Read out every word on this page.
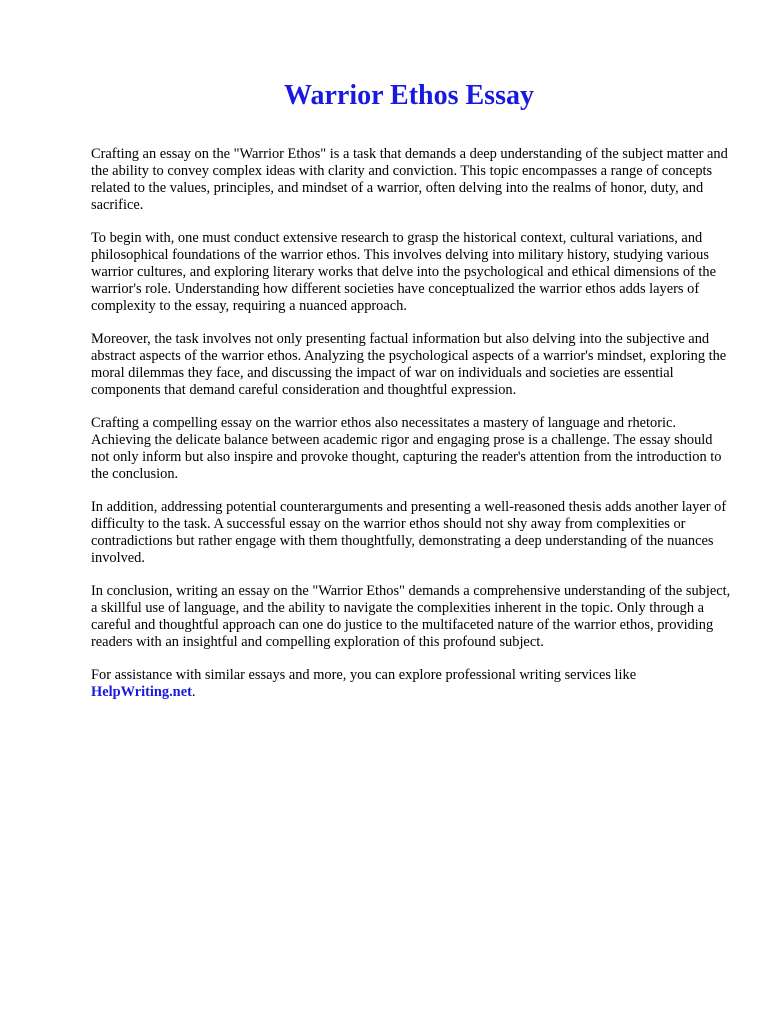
Warrior Ethos Essay

Crafting an essay on the "Warrior Ethos" is a task that demands a deep understanding of the subject matter and the ability to convey complex ideas with clarity and conviction. This topic encompasses a range of concepts related to the values, principles, and mindset of a warrior, often delving into the realms of honor, duty, and sacrifice.

To begin with, one must conduct extensive research to grasp the historical context, cultural variations, and philosophical foundations of the warrior ethos. This involves delving into military history, studying various warrior cultures, and exploring literary works that delve into the psychological and ethical dimensions of the warrior's role. Understanding how different societies have conceptualized the warrior ethos adds layers of complexity to the essay, requiring a nuanced approach.

Moreover, the task involves not only presenting factual information but also delving into the subjective and abstract aspects of the warrior ethos. Analyzing the psychological aspects of a warrior's mindset, exploring the moral dilemmas they face, and discussing the impact of war on individuals and societies are essential components that demand careful consideration and thoughtful expression.

Crafting a compelling essay on the warrior ethos also necessitates a mastery of language and rhetoric. Achieving the delicate balance between academic rigor and engaging prose is a challenge. The essay should not only inform but also inspire and provoke thought, capturing the reader's attention from the introduction to the conclusion.

In addition, addressing potential counterarguments and presenting a well-reasoned thesis adds another layer of difficulty to the task. A successful essay on the warrior ethos should not shy away from complexities or contradictions but rather engage with them thoughtfully, demonstrating a deep understanding of the nuances involved.

In conclusion, writing an essay on the "Warrior Ethos" demands a comprehensive understanding of the subject, a skillful use of language, and the ability to navigate the complexities inherent in the topic. Only through a careful and thoughtful approach can one do justice to the multifaceted nature of the warrior ethos, providing readers with an insightful and compelling exploration of this profound subject.

For assistance with similar essays and more, you can explore professional writing services like HelpWriting.net.
